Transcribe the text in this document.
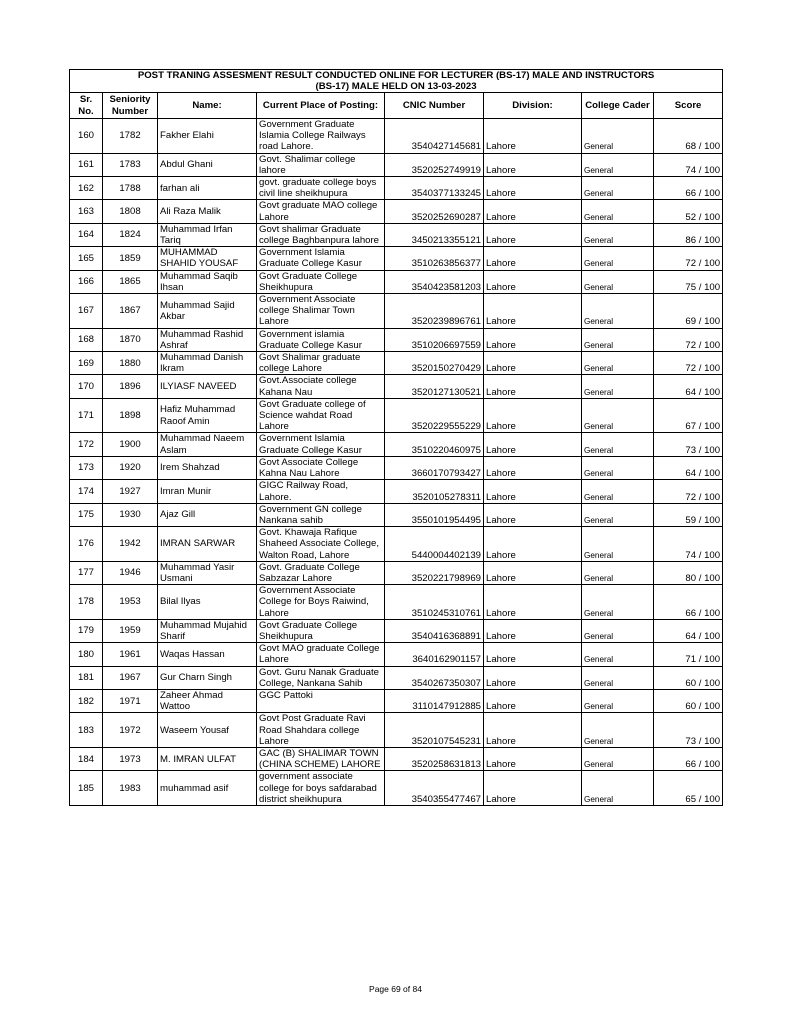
POST TRANING ASSESMENT RESULT CONDUCTED ONLINE FOR LECTURER (BS-17) MALE AND INSTRUCTORS
(BS-17) MALE HELD ON 13-03-2023							

Sr. No.	Seniority Number	Name:	Current Place of Posting:	CNIC Number	Division:	College Cader	Score
160	1782	Fakher Elahi	Government Graduate Islamia College Railways road Lahore.	3540427145681	Lahore	General	68 / 100
161	1783	Abdul Ghani	Govt. Shalimar college lahore	3520252749919	Lahore	General	74 / 100
162	1788	farhan ali	govt. graduate college boys civil line sheikhupura	3540377133245	Lahore	General	66 / 100
163	1808	Ali Raza Malik	Govt graduate MAO college Lahore	3520252690287	Lahore	General	52 / 100
164	1824	Muhammad Irfan Tariq	Govt shalimar Graduate college Baghbanpura lahore	3450213355121	Lahore	General	86 / 100
165	1859	MUHAMMAD SHAHID YOUSAF	Government Islamia Graduate College Kasur	3510263856377	Lahore	General	72 / 100
166	1865	Muhammad Saqib Ihsan	Govt Graduate College Sheikhupura	3540423581203	Lahore	General	75 / 100
167	1867	Muhammad Sajid Akbar	Government Associate college Shalimar Town Lahore	3520239896761	Lahore	General	69 / 100
168	1870	Muhammad Rashid Ashraf	Government islamia Graduate College Kasur	3510206697559	Lahore	General	72 / 100
169	1880	Muhammad Danish Ikram	Govt Shalimar graduate college Lahore	3520150270429	Lahore	General	72 / 100
170	1896	ILYIASF NAVEED	Govt.Associate college Kahana Nau	3520127130521	Lahore	General	64 / 100
171	1898	Hafiz Muhammad Raoof Amin	Govt Graduate college of Science wahdat Road Lahore	3520229555229	Lahore	General	67 / 100
172	1900	Muhammad Naeem Aslam	Government Islamia Graduate College Kasur	3510220460975	Lahore	General	73 / 100
173	1920	Irem Shahzad	Govt Associate College Kahna Nau Lahore	3660170793427	Lahore	General	64 / 100
174	1927	Imran Munir	GIGC Railway Road, Lahore.	3520105278311	Lahore	General	72 / 100
175	1930	Ajaz Gill	Government GN college Nankana sahib	3550101954495	Lahore	General	59 / 100
176	1942	IMRAN SARWAR	Govt. Khawaja Rafique Shaheed Associate College, Walton Road, Lahore	5440004402139	Lahore	General	74 / 100
177	1946	Muhammad Yasir Usmani	Govt. Graduate College Sabzazar Lahore	3520221798969	Lahore	General	80 / 100
178	1953	Bilal Ilyas	Government Associate College for Boys Raiwind, Lahore	3510245310761	Lahore	General	66 / 100
179	1959	Muhammad Mujahid Sharif	Govt Graduate College Sheikhupura	3540416368891	Lahore	General	64 / 100
180	1961	Waqas Hassan	Govt MAO graduate College Lahore	3640162901157	Lahore	General	71 / 100
181	1967	Gur Charn Singh	Govt. Guru Nanak Graduate College, Nankana Sahib	3540267350307	Lahore	General	60 / 100
182	1971	Zaheer Ahmad Wattoo	GGC Pattoki	3110147912885	Lahore	General	60 / 100
183	1972	Waseem Yousaf	Govt Post Graduate Ravi Road Shahdara college Lahore	3520107545231	Lahore	General	73 / 100
184	1973	M. IMRAN ULFAT	GAC (B) SHALIMAR TOWN (CHINA SCHEME) LAHORE	3520258631813	Lahore	General	66 / 100
185	1983	muhammad asif	government associate college for boys safdarabad district sheikhupura	3540355477467	Lahore	General	65 / 100
Page 69 of 84
